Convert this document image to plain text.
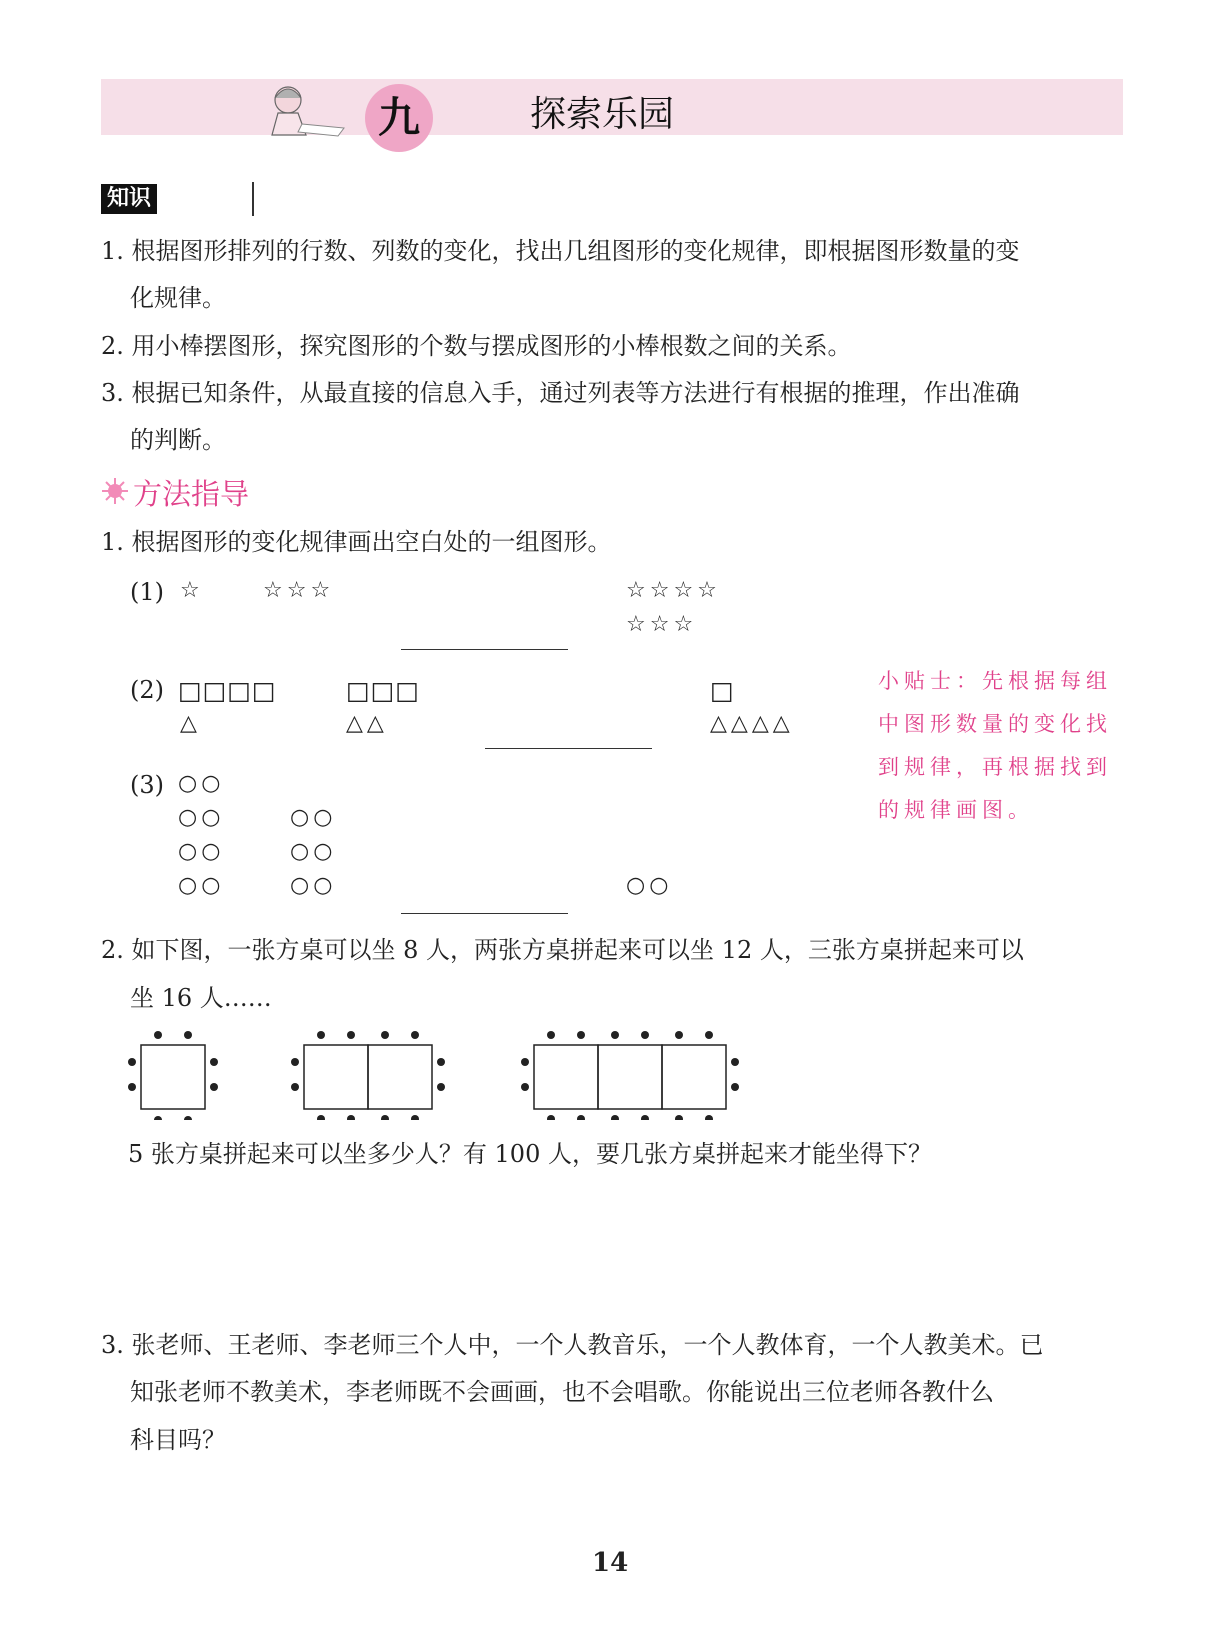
九	探索乐园
知识
1. 根据图形排列的行数、列数的变化，找出几组图形的变化规律，即根据图形数量的变
化规律。
2. 用小棒摆图形，探究图形的个数与摆成图形的小棒根数之间的关系。
3. 根据已知条件，从最直接的信息入手，通过列表等方法进行有根据的推理，作出准确
的判断。
方法指导
1. 根据图形的变化规律画出空白处的一组图形。
(1) ☆	☆☆☆	☆☆☆☆
☆☆☆
(2) □□□□
△
□□□
△△
□
△△△△
小贴士：先根据每组
中图形数量的变化找
到规律，再根据找到
的规律画图。
(3) ○○
○○
○○
○○
○○
○○
○○	○○
2. 如下图，一张方桌可以坐 8 人，两张方桌拼起来可以坐 12 人，三张方桌拼起来可以
坐 16 人……
5 张方桌拼起来可以坐多少人？有 100 人，要几张方桌拼起来才能坐得下？
3. 张老师、王老师、李老师三个人中，一个人教音乐，一个人教体育，一个人教美术。已
知张老师不教美术，李老师既不会画画，也不会唱歌。你能说出三位老师各教什么
科目吗？
14
